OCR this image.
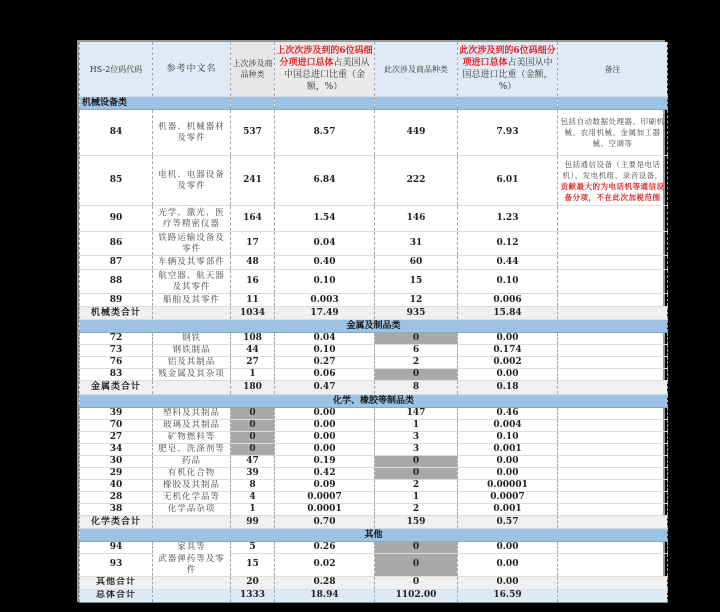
HS-2位码代码	参考中文名	上次涉及商品种类	上次次涉及到的6位码细分项进口总体占美国从中国总进口比重（金额，%）	此次涉及商品种类	此次涉及到的6位码细分项进口总体占美国从中国总进口比重（金额，%）	备注
机械设备类						
84	机器、机械器材及零件	537	8.57	449	7.93	包括自动数据处理器、印刷机械、农用机械、金属加工器械、空调等
85	电机、电器设备及零件	241	6.84	222	6.01	包括通信设备（主要是电话机）、发电机组、录音设备，贡献最大的为电话机等通信设备分项，不在此次加税范围
90	光学、激光、医疗等精密仪器	164	1.54	146	1.23	
86	铁路运输设备及零件	17	0.04	31	0.12	
87	车辆及其零部件	48	0.40	60	0.44	
88	航空器、航天器及其零件	16	0.10	15	0.10	
89	船舶及其零件	11	0.003	12	0.006	
机械类合计		1034	17.49	935	15.84	
金属及制品类						
72	钢铁	108	0.04	0	0.00	
73	钢铁制品	44	0.10	6	0.174	
76	铝及其制品	27	0.27	2	0.002	
83	贱金属及其杂项	1	0.06	0	0.00	
金属类合计		180	0.47	8	0.18	
化学、橡胶等制品类						
39	塑料及其制品	0	0.00	147	0.46	
70	玻璃及其制品	0	0.00	1	0.004	
27	矿物燃料等	0	0.00	3	0.10	
34	肥皂、洗涤剂等	0	0.00	3	0.001	
30	药品	47	0.19	0	0.00	
29	有机化合物	39	0.42	0	0.00	
40	橡胶及其制品	8	0.09	2	0.00001	
28	无机化学品等	4	0.0007	1	0.0007	
38	化学品杂项	1	0.0001	2	0.001	
化学类合计		99	0.70	159	0.57	
其他						
94	家具等	5	0.26	0	0.00	
93	武器弹药等及零件	15	0.02	0	0.00	
其他合计		20	0.28	0	0.00	
总体合计		1333	18.94	1102.00	16.59	
